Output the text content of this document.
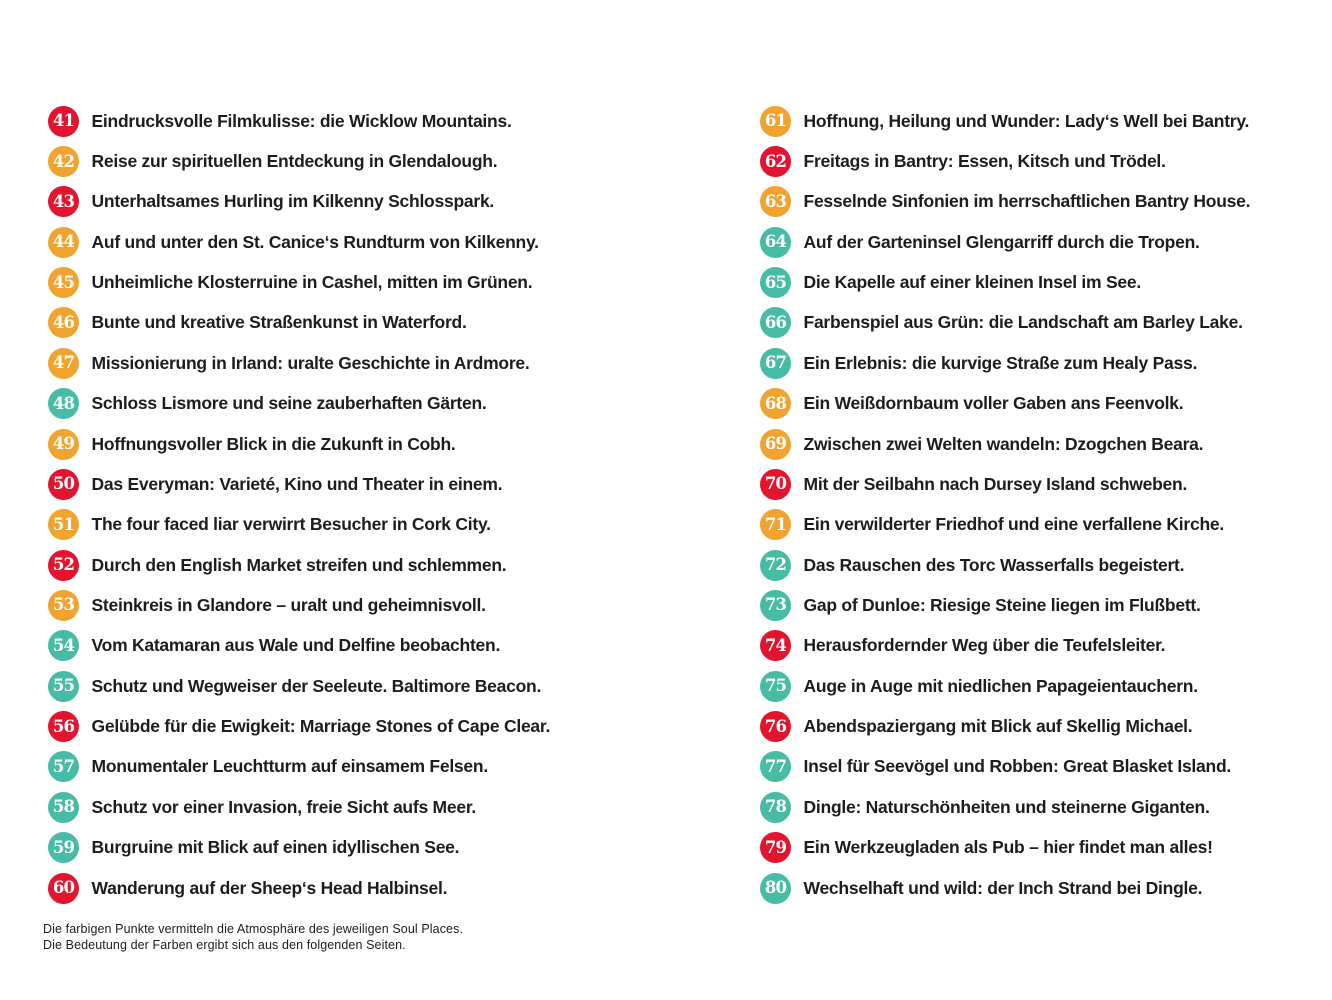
41 Eindrucksvolle Filmkulisse: die Wicklow Mountains.
42 Reise zur spirituellen Entdeckung in Glendalough.
43 Unterhaltsames Hurling im Kilkenny Schlosspark.
44 Auf und unter den St. Canice‘s Rundturm von Kilkenny.
45 Unheimliche Klosterruine in Cashel, mitten im Grünen.
46 Bunte und kreative Straßenkunst in Waterford.
47 Missionierung in Irland: uralte Geschichte in Ardmore.
48 Schloss Lismore und seine zauberhaften Gärten.
49 Hoffnungsvoller Blick in die Zukunft in Cobh.
50 Das Everyman: Varieté, Kino und Theater in einem.
51 The four faced liar verwirrt Besucher in Cork City.
52 Durch den English Market streifen und schlemmen.
53 Steinkreis in Glandore – uralt und geheimnisvoll.
54 Vom Katamaran aus Wale und Delfine beobachten.
55 Schutz und Wegweiser der Seeleute. Baltimore Beacon.
56 Gelübde für die Ewigkeit: Marriage Stones of Cape Clear.
57 Monumentaler Leuchtturm auf einsamem Felsen.
58 Schutz vor einer Invasion, freie Sicht aufs Meer.
59 Burgruine mit Blick auf einen idyllischen See.
60 Wanderung auf der Sheep‘s Head Halbinsel.
61 Hoffnung, Heilung und Wunder: Lady‘s Well bei Bantry.
62 Freitags in Bantry: Essen, Kitsch und Trödel.
63 Fesselnde Sinfonien im herrschaftlichen Bantry House.
64 Auf der Garteninsel Glengarriff durch die Tropen.
65 Die Kapelle auf einer kleinen Insel im See.
66 Farbenspiel aus Grün: die Landschaft am Barley Lake.
67 Ein Erlebnis: die kurvige Straße zum Healy Pass.
68 Ein Weißdornbaum voller Gaben ans Feenvolk.
69 Zwischen zwei Welten wandeln: Dzogchen Beara.
70 Mit der Seilbahn nach Dursey Island schweben.
71 Ein verwilderter Friedhof und eine verfallene Kirche.
72 Das Rauschen des Torc Wasserfalls begeistert.
73 Gap of Dunloe: Riesige Steine liegen im Flußbett.
74 Herausfordernder Weg über die Teufelsleiter.
75 Auge in Auge mit niedlichen Papageientauchern.
76 Abendspaziergang mit Blick auf Skellig Michael.
77 Insel für Seevögel und Robben: Great Blasket Island.
78 Dingle: Naturschönheiten und steinerne Giganten.
79 Ein Werkzeugladen als Pub – hier findet man alles!
80 Wechselhaft und wild: der Inch Strand bei Dingle.
Die farbigen Punkte vermitteln die Atmosphäre des jeweiligen Soul Places.
Die Bedeutung der Farben ergibt sich aus den folgenden Seiten.
